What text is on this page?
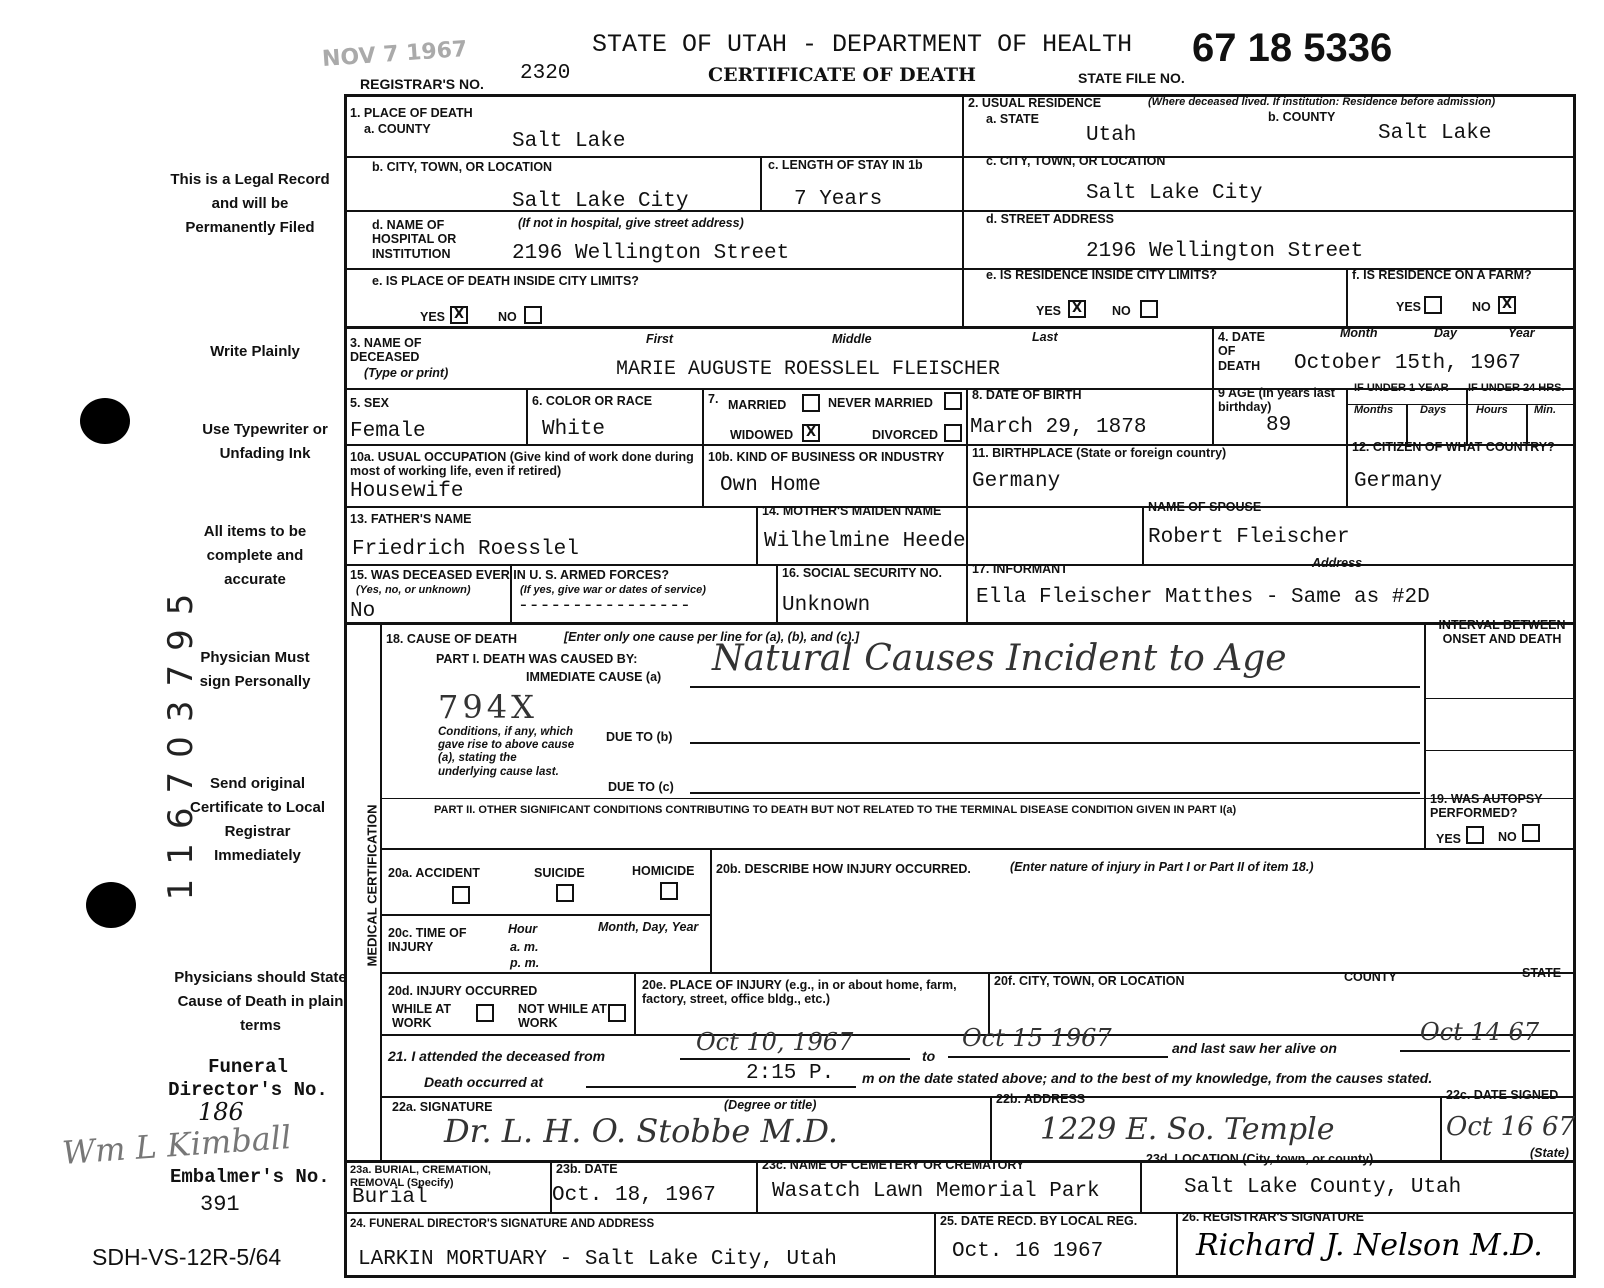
NOV 7 1967	STATE OF UTAH - DEPARTMENT OF HEALTH
CERTIFICATE OF DEATH
REGISTRAR'S NO. 2320	STATE FILE NO.
67 18 5336
This is a Legal Record and will be Permanently Filed
Write Plainly
Use Typewriter or Unfading Ink
All items to be complete and accurate
Physician Must sign Personally
Send original Certificate to Local Registrar Immediately
Physicians should State Cause of Death in plain terms
116703795
Funeral Director's No.
186
Wm L Kimball
Embalmer's No.
391
SDH-VS-12R-5/64
1. PLACE OF DEATH
a. COUNTY
Salt Lake
b. CITY, TOWN, OR LOCATION
Salt Lake City
c. LENGTH OF STAY IN 1b
7 Years
d. NAME OF HOSPITAL OR INSTITUTION
(If not in hospital, give street address)
2196 Wellington Street
e. IS PLACE OF DEATH INSIDE CITY LIMITS?
YES X	NO
2. USUAL RESIDENCE	(Where deceased lived. If institution: Residence before admission)
a. STATE
Utah
b. COUNTY
Salt Lake
c. CITY, TOWN, OR LOCATION
Salt Lake City
d. STREET ADDRESS
2196 Wellington Street
e. IS RESIDENCE INSIDE CITY LIMITS?
YES X	NO
f. IS RESIDENCE ON A FARM?
YES	NO X
3. NAME OF DECEASED
(Type or print)
First	Middle	Last
MARIE AUGUSTE ROESSLEL FLEISCHER
4. DATE OF DEATH
Month	Day	Year
October 15th, 1967
5. SEX
Female
6. COLOR OR RACE
White
7. MARRIED	NEVER MARRIED
WIDOWED X	DIVORCED
8. DATE OF BIRTH
March 29, 1878
9 AGE (In years last birthday)
89
IF UNDER 1 YEAR IF UNDER 24 HRS.
Months Days	Hours Min.
10a. USUAL OCCUPATION (Give kind of work done during most of working life, even if retired)
Housewife
10b. KIND OF BUSINESS OR INDUSTRY
Own Home
11. BIRTHPLACE (State or foreign country)
Germany
12. CITIZEN OF WHAT COUNTRY?
Germany
13. FATHER'S NAME
Friedrich Roesslel
14. MOTHER'S MAIDEN NAME
Wilhelmine Heede
NAME OF SPOUSE
Robert Fleischer
15. WAS DECEASED EVER IN U. S. ARMED FORCES?
(Yes, no, or unknown)	(If yes, give war or dates of service)
No	----------------
16. SOCIAL SECURITY NO.
Unknown
17. INFORMANT	Address
Ella Fleischer Matthes - Same as #2D
MEDICAL CERTIFICATION
18. CAUSE OF DEATH	[Enter only one cause per line for (a), (b), and (c).]
INTERVAL BETWEEN ONSET AND DEATH
PART I. DEATH WAS CAUSED BY:
IMMEDIATE CAUSE (a) Natural Causes Incident to Age
794X
Conditions, if any, which gave rise to above cause (a), stating the underlying cause last.
DUE TO (b)
DUE TO (c)
PART II. OTHER SIGNIFICANT CONDITIONS CONTRIBUTING TO DEATH BUT NOT RELATED TO THE TERMINAL DISEASE CONDITION GIVEN IN PART I(a)
19. WAS AUTOPSY PERFORMED?
YES	NO
20a. ACCIDENT	SUICIDE	HOMICIDE 20b. DESCRIBE HOW INJURY OCCURRED.	(Enter nature of injury in Part I or Part II of item 18.)
20c. TIME OF INJURY
Hour
a. m.
p. m.
Month, Day, Year
20d. INJURY OCCURRED
WHILE AT WORK
NOT WHILE AT WORK
20e. PLACE OF INJURY (e.g., in or about home, farm, factory, street, office bldg., etc.)
20f. CITY, TOWN, OR LOCATION	COUNTY	STATE
21. I attended the deceased from	Oct 10, 1967	to
Oct 15 1967	and last saw her alive on
Oct 14 67
Death occurred at	2:15 P. m on the date stated above; and to the best of my knowledge, from the causes stated.
22a. SIGNATURE	(Degree or title)
Dr. L. H. O. Stobbe M.D.
22b. ADDRESS
1229 E. So. Temple
22c. DATE SIGNED
Oct 16 67
23a. BURIAL, CREMATION, REMOVAL (Specify)
Burial
23b. DATE
Oct. 18, 1967
23c. NAME OF CEMETERY OR CREMATORY
Wasatch Lawn Memorial Park
23d. LOCATION (City, town, or county)	(State)
Salt Lake County, Utah
24. FUNERAL DIRECTOR'S SIGNATURE AND ADDRESS
LARKIN MORTUARY - Salt Lake City, Utah
25. DATE RECD. BY LOCAL REG.
Oct. 16 1967
26. REGISTRAR'S SIGNATURE
Richard J. Nelson M.D.
